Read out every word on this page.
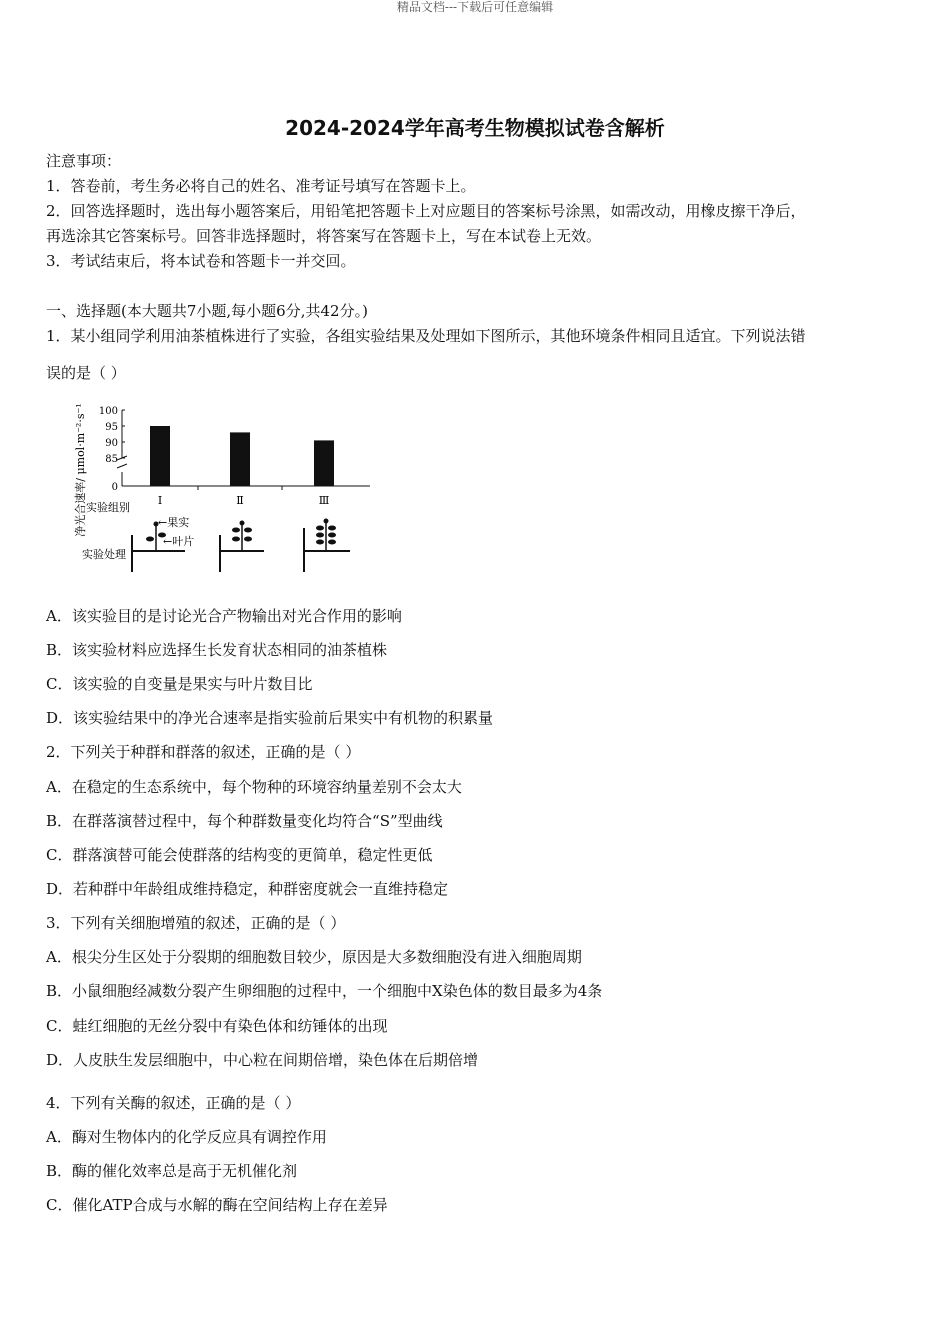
精品文档---下载后可任意编辑
2024-2024学年高考生物模拟试卷含解析
注意事项：
1．答卷前，考生务必将自己的姓名、准考证号填写在答题卡上。
2．回答选择题时，选出每小题答案后，用铅笔把答题卡上对应题目的答案标号涂黑，如需改动，用橡皮擦干净后，
再选涂其它答案标号。回答非选择题时，将答案写在答题卡上，写在本试卷上无效。
3．考试结束后，将本试卷和答题卡一并交回。
一、选择题(本大题共7小题,每小题6分,共42分。)
1．某小组同学利用油茶植株进行了实验，各组实验结果及处理如下图所示，其他环境条件相同且适宜。下列说法错
误的是（ ）
净光合速率/ μmol·m⁻²·s⁻¹ 100
95
90
85
0
Ⅰ	Ⅱ	Ⅲ
实验组别
实验处理
←果实
←叶片
A．该实验目的是讨论光合产物输出对光合作用的影响
B．该实验材料应选择生长发育状态相同的油茶植株
C．该实验的自变量是果实与叶片数目比
D．该实验结果中的净光合速率是指实验前后果实中有机物的积累量
2．下列关于种群和群落的叙述，正确的是（ ）
A．在稳定的生态系统中，每个物种的环境容纳量差别不会太大
B．在群落演替过程中，每个种群数量变化均符合“S”型曲线
C．群落演替可能会使群落的结构变的更简单，稳定性更低
D．若种群中年龄组成维持稳定，种群密度就会一直维持稳定
3．下列有关细胞增殖的叙述，正确的是（ ）
A．根尖分生区处于分裂期的细胞数目较少，原因是大多数细胞没有进入细胞周期
B．小鼠细胞经减数分裂产生卵细胞的过程中，一个细胞中X染色体的数目最多为4条
C．蛙红细胞的无丝分裂中有染色体和纺锤体的出现
D．人皮肤生发层细胞中，中心粒在间期倍增，染色体在后期倍增
4．下列有关酶的叙述，正确的是（ ）
A．酶对生物体内的化学反应具有调控作用
B．酶的催化效率总是高于无机催化剂
C．催化ATP合成与水解的酶在空间结构上存在差异
